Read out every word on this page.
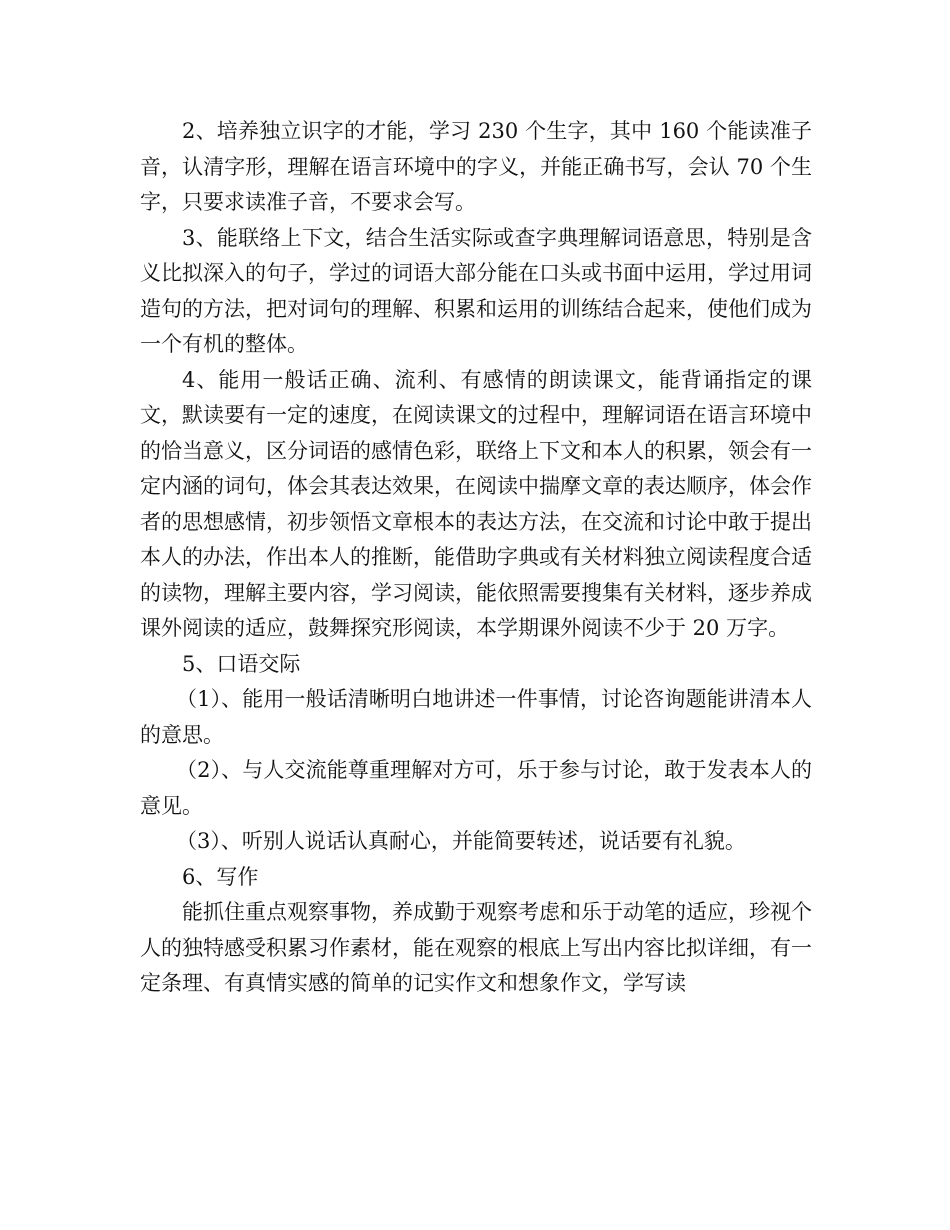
2、培养独立识字的才能，学习 230 个生字，其中 160 个能读准子音，认清字形，理解在语言环境中的字义，并能正确书写，会认 70 个生字，只要求读准子音，不要求会写。

3、能联络上下文，结合生活实际或查字典理解词语意思，特别是含义比拟深入的句子，学过的词语大部分能在口头或书面中运用，学过用词造句的方法，把对词句的理解、积累和运用的训练结合起来，使他们成为一个有机的整体。

4、能用一般话正确、流利、有感情的朗读课文，能背诵指定的课文，默读要有一定的速度，在阅读课文的过程中，理解词语在语言环境中的恰当意义，区分词语的感情色彩，联络上下文和本人的积累，领会有一定内涵的词句，体会其表达效果，在阅读中揣摩文章的表达顺序，体会作者的思想感情，初步领悟文章根本的表达方法，在交流和讨论中敢于提出本人的办法，作出本人的推断，能借助字典或有关材料独立阅读程度合适的读物，理解主要内容，学习阅读，能依照需要搜集有关材料，逐步养成课外阅读的适应，鼓舞探究形阅读，本学期课外阅读不少于 20 万字。

5、口语交际

（1）、能用一般话清晰明白地讲述一件事情，讨论咨询题能讲清本人的意思。

（2）、与人交流能尊重理解对方可，乐于参与讨论，敢于发表本人的意见。

（3）、听别人说话认真耐心，并能简要转述，说话要有礼貌。

6、写作

能抓住重点观察事物，养成勤于观察考虑和乐于动笔的适应，珍视个人的独特感受积累习作素材，能在观察的根底上写出内容比拟详细，有一定条理、有真情实感的简单的记实作文和想象作文，学写读
